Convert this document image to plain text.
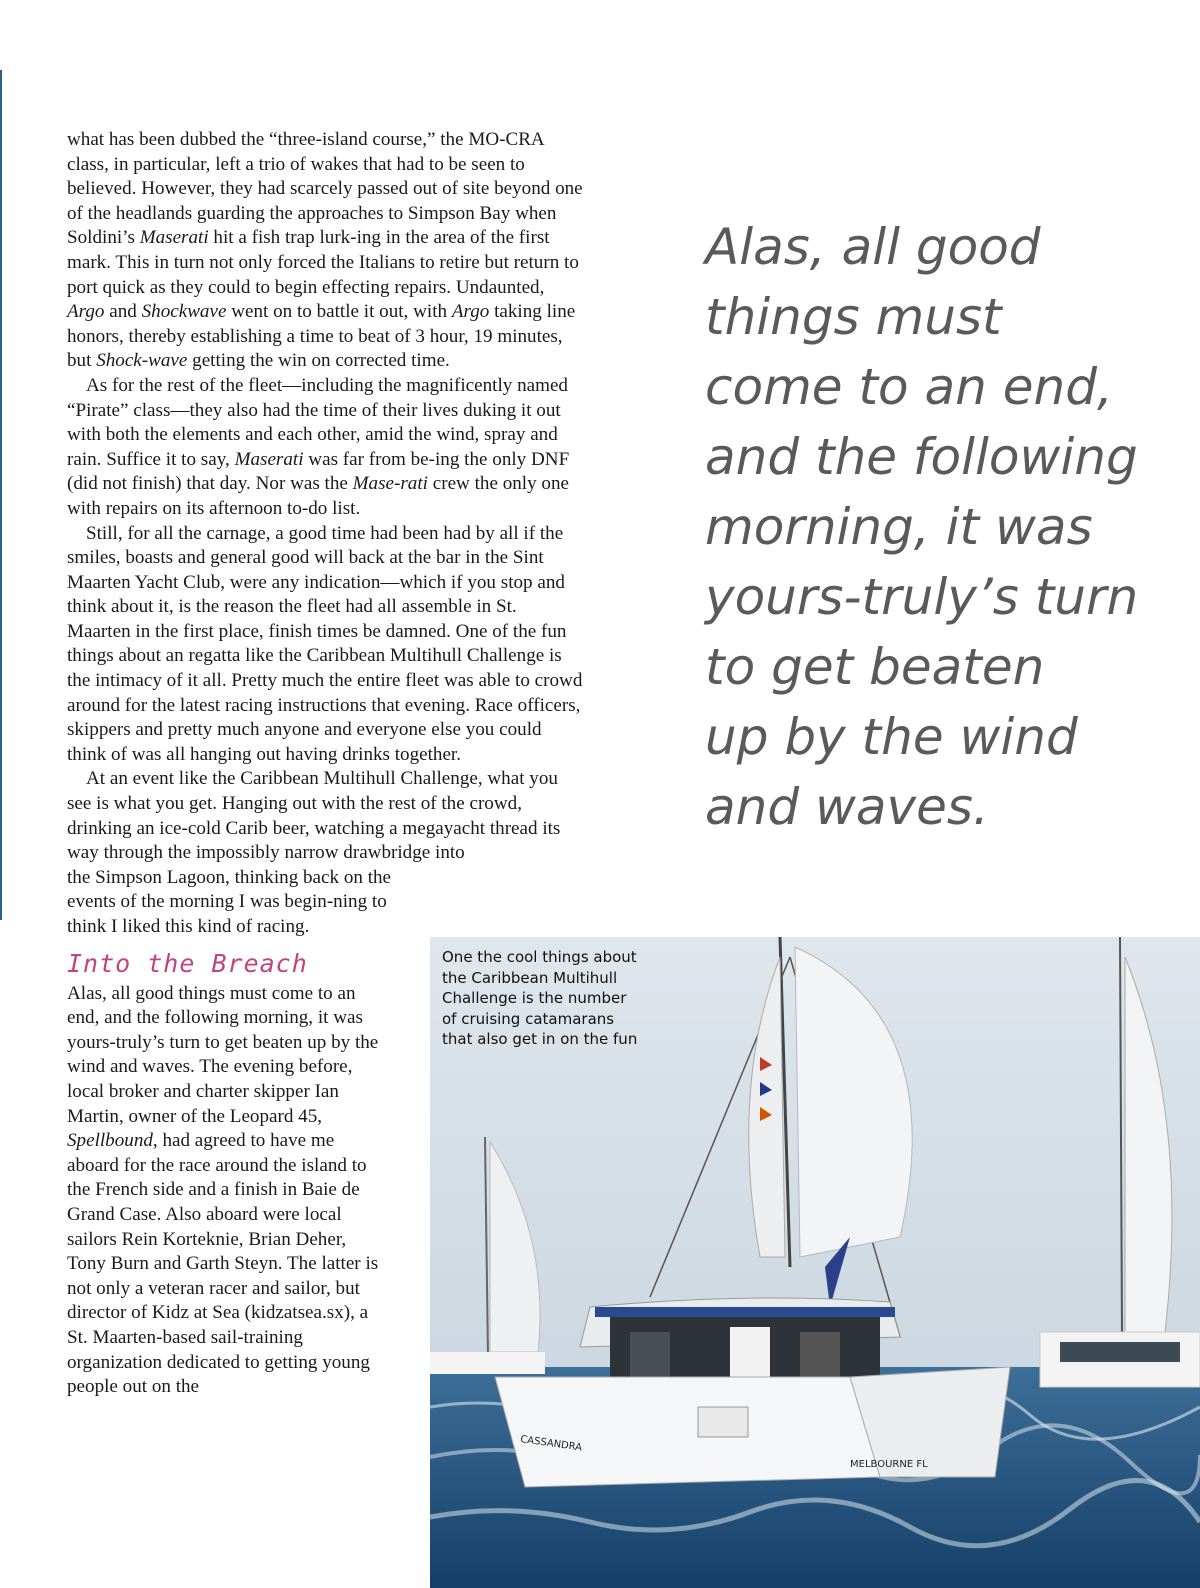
what has been dubbed the “three-island course,” the MO-CRA class, in particular, left a trio of wakes that had to be seen to believed. However, they had scarcely passed out of site beyond one of the headlands guarding the approaches to Simpson Bay when Soldini’s Maserati hit a fish trap lurk-ing in the area of the first mark. This in turn not only forced the Italians to retire but return to port quick as they could to begin effecting repairs. Undaunted, Argo and Shockwave went on to battle it out, with Argo taking line honors, thereby establishing a time to beat of 3 hour, 19 minutes, but Shock-wave getting the win on corrected time.

As for the rest of the fleet—including the magnificently named “Pirate” class—they also had the time of their lives duking it out with both the elements and each other, amid the wind, spray and rain. Suffice it to say, Maserati was far from be-ing the only DNF (did not finish) that day. Nor was the Mase-rati crew the only one with repairs on its afternoon to-do list.

Still, for all the carnage, a good time had been had by all if the smiles, boasts and general good will back at the bar in the Sint Maarten Yacht Club, were any indication—which if you stop and think about it, is the reason the fleet had all assemble in St. Maarten in the first place, finish times be damned. One of the fun things about an regatta like the Caribbean Multihull Challenge is the intimacy of it all. Pretty much the entire fleet was able to crowd around for the latest racing instructions that evening. Race officers, skippers and pretty much anyone and everyone else you could think of was all hanging out having drinks together.

At an event like the Caribbean Multihull Challenge, what you see is what you get. Hanging out with the rest of the crowd, drinking an ice-cold Carib beer, watching a megayacht thread its way through the impossibly narrow drawbridge into

the Simpson Lagoon, thinking back on the events of the morning I was begin-ning to think I liked this kind of racing.

Into the Breach

Alas, all good things must come to an end, and the following morning, it was yours-truly’s turn to get beaten up by the wind and waves. The evening before, local broker and charter skipper Ian Martin, owner of the Leopard 45, Spellbound, had agreed to have me aboard for the race around the island to the French side and a finish in Baie de Grand Case. Also aboard were local sailors Rein Korteknie, Brian Deher, Tony Burn and Garth Steyn. The latter is not only a veteran racer and sailor, but director of Kidz at Sea (kidzatsea.sx), a St. Maarten-based sail-training organization dedicated to getting young people out on the

Alas, all good
things must
come to an end,
and the following
morning, it was
yours-truly’s turn
to get beaten
up by the wind
and waves.
CASSANDRA
MELBOURNE FL
One the cool things about the Caribbean Multihull Challenge is the number of cruising catamarans that also get in on the fun
